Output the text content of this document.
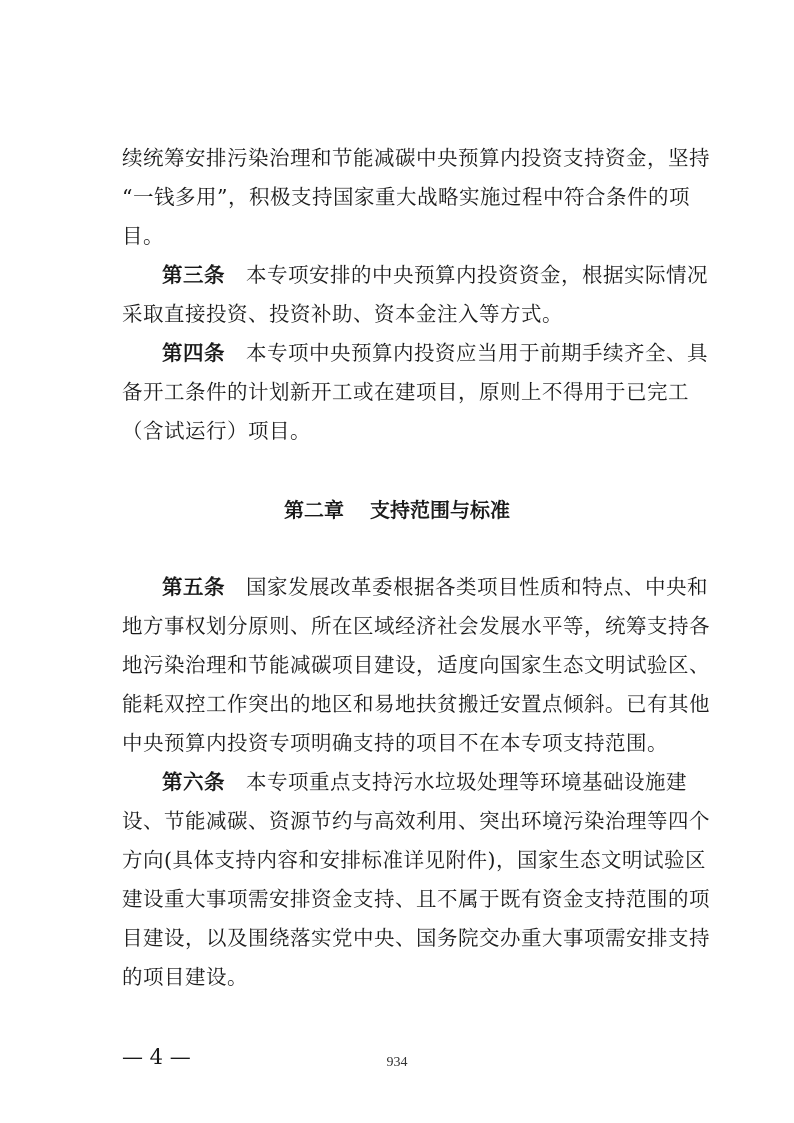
续统筹安排污染治理和节能减碳中央预算内投资支持资金，坚持
“一钱多用”，积极支持国家重大战略实施过程中符合条件的项
目。
第三条　 本专项安排的中央预算内投资资金，根据实际情况
采取直接投资、投资补助、资本金注入等方式。
第四条　 本专项中央预算内投资应当用于前期手续齐全、具
备开工条件的计划新开工或在建项目，原则上不得用于已完工
（含试运行）项目。
第二章 支持范围与标准
第五条　 国家发展改革委根据各类项目性质和特点、中央和
地方事权划分原则、所在区域经济社会发展水平等，统筹支持各
地污染治理和节能减碳项目建设，适度向国家生态文明试验区、
能耗双控工作突出的地区和易地扶贫搬迁安置点倾斜。已有其他
中央预算内投资专项明确支持的项目不在本专项支持范围。
第六条　 本专项重点支持污水垃圾处理等环境基础设施建
设、节能减碳、资源节约与高效利用、突出环境污染治理等四个
方向(具体支持内容和安排标准详见附件)，国家生态文明试验区
建设重大事项需安排资金支持、且不属于既有资金支持范围的项
目建设，以及围绕落实党中央、国务院交办重大事项需安排支持
的项目建设。
— 4 —	934
